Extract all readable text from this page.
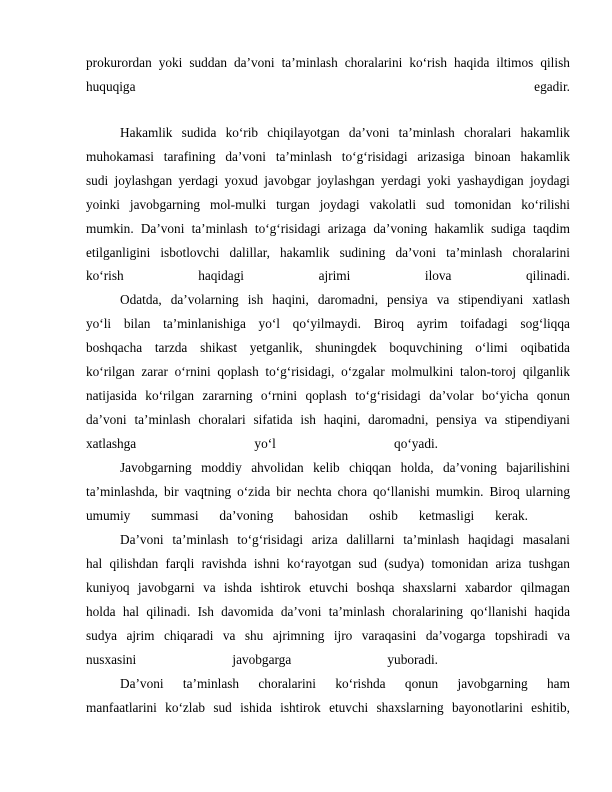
prokurordan yoki suddan da’voni ta’minlash choralarini ko‘rish haqida iltimos qilish
huquqiga	egadir.
Hakamlik sudida ko‘rib chiqilayotgan da’voni ta’minlash choralari hakamlik
muhokamasi tarafining da’voni ta’minlash to‘g‘risidagi arizasiga binoan hakamlik
sudi joylashgan yerdagi yoxud javobgar joylashgan yerdagi yoki yashaydigan joydagi
yoinki javobgarning mol-mulki turgan joydagi vakolatli sud tomonidan ko‘rilishi
mumkin. Da’voni ta’minlash to‘g‘risidagi arizaga da’voning hakamlik sudiga taqdim
etilganligini isbotlovchi dalillar, hakamlik sudining da’voni ta’minlash choralarini
ko‘rish	haqidagi	ajrimi	ilova	qilinadi.
Odatda, da’volarning ish haqini, daromadni, pensiya va stipendiyani xatlash
yo‘li bilan ta’minlanishiga yo‘l qo‘yilmaydi. Biroq ayrim toifadagi sog‘liqqa
boshqacha tarzda shikast yetganlik, shuningdek boquvchining o‘limi oqibatida
ko‘rilgan zarar o‘rnini qoplash to‘g‘risidagi, o‘zgalar molmulkini talon-toroj qilganlik
natijasida ko‘rilgan zararning o‘rnini qoplash to‘g‘risidagi da’volar bo‘yicha qonun
da’voni ta’minlash choralari sifatida ish haqini, daromadni, pensiya va stipendiyani
xatlashga	yo‘l	qo‘yadi.
Javobgarning moddiy ahvolidan kelib chiqqan holda, da’voning bajarilishini
ta’minlashda, bir vaqtning o‘zida bir nechta chora qo‘llanishi mumkin. Biroq ularning
umumiy summasi da’voning bahosidan oshib ketmasligi kerak.
Da’voni ta’minlash to‘g‘risidagi ariza dalillarni ta’minlash haqidagi masalani
hal qilishdan farqli ravishda ishni ko‘rayotgan sud (sudya) tomonidan ariza tushgan
kuniyoq javobgarni va ishda ishtirok etuvchi boshqa shaxslarni xabardor qilmagan
holda hal qilinadi. Ish davomida da’voni ta’minlash choralarining qo‘llanishi haqida
sudya ajrim chiqaradi va shu ajrimning ijro varaqasini da’vogarga topshiradi va
nusxasini	javobgarga	yuboradi.
Da’voni ta’minlash choralarini ko‘rishda qonun javobgarning ham
manfaatlarini ko‘zlab sud ishida ishtirok etuvchi shaxslarning bayonotlarini eshitib,
